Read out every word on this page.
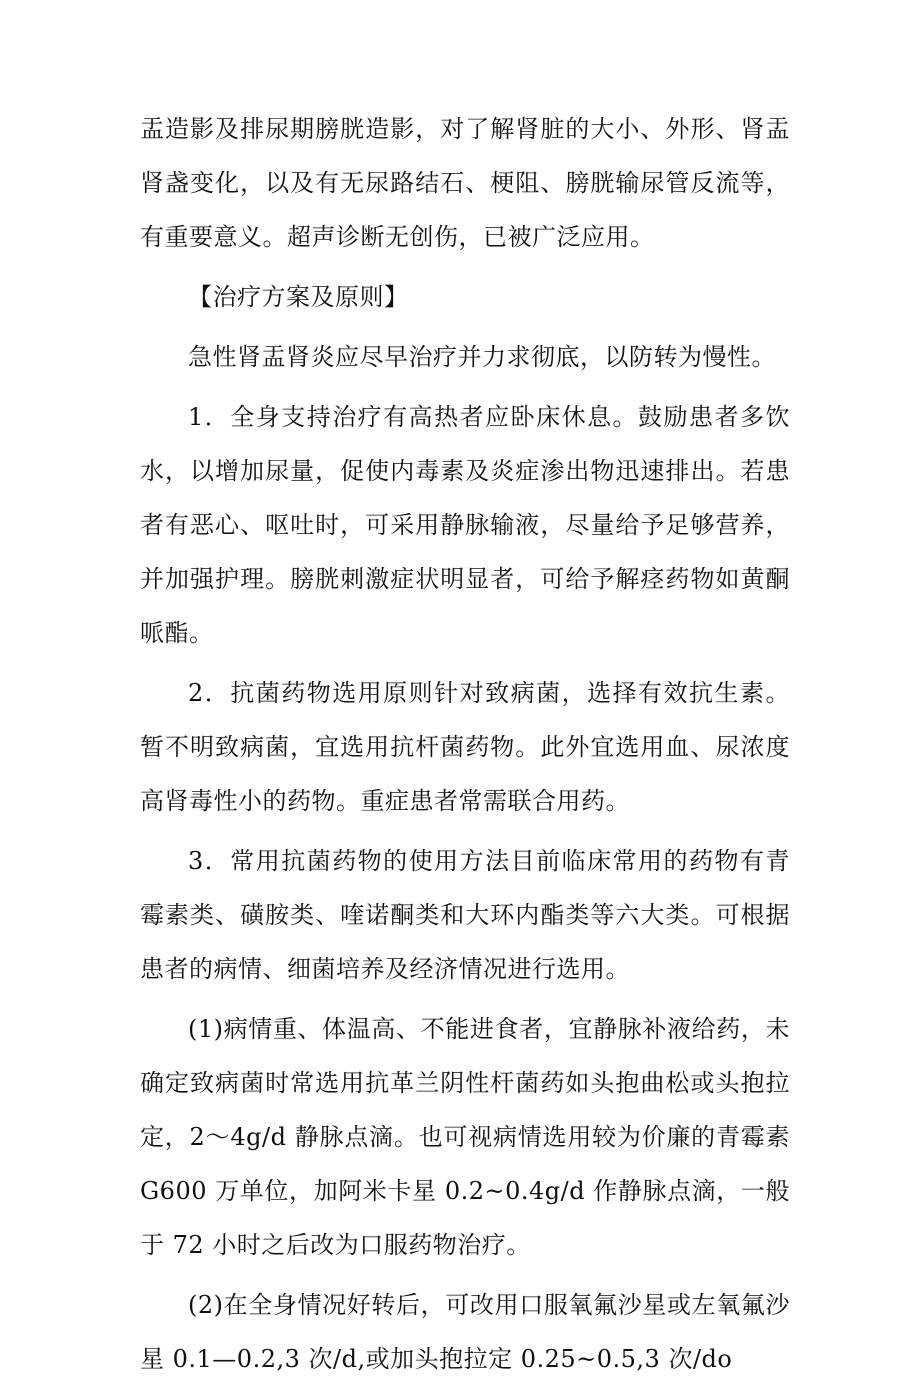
盂造影及排尿期膀胱造影，对了解肾脏的大小、外形、肾盂肾盏变化，以及有无尿路结石、梗阻、膀胱输尿管反流等，有重要意义。超声诊断无创伤，已被广泛应用。

【治疗方案及原则】

急性肾盂肾炎应尽早治疗并力求彻底，以防转为慢性。

1．全身支持治疗有高热者应卧床休息。鼓励患者多饮水，以增加尿量，促使内毒素及炎症渗出物迅速排出。若患者有恶心、呕吐时，可采用静脉输液，尽量给予足够营养，并加强护理。膀胱刺激症状明显者，可给予解痉药物如黄酮哌酯。

2．抗菌药物选用原则针对致病菌，选择有效抗生素。暂不明致病菌，宜选用抗杆菌药物。此外宜选用血、尿浓度高肾毒性小的药物。重症患者常需联合用药。

3．常用抗菌药物的使用方法目前临床常用的药物有青霉素类、磺胺类、喹诺酮类和大环内酯类等六大类。可根据患者的病情、细菌培养及经济情况进行选用。

(1)病情重、体温高、不能进食者，宜静脉补液给药，未确定致病菌时常选用抗革兰阴性杆菌药如头抱曲松或头抱拉定，2～4g/d 静脉点滴。也可视病情选用较为价廉的青霉素 G600 万单位，加阿米卡星 0.2~0.4g/d 作静脉点滴，一般于 72 小时之后改为口服药物治疗。

(2)在全身情况好转后，可改用口服氧氟沙星或左氧氟沙星 0.1—0.2,3 次/d,或加头抱拉定 0.25~0.5,3 次/do
